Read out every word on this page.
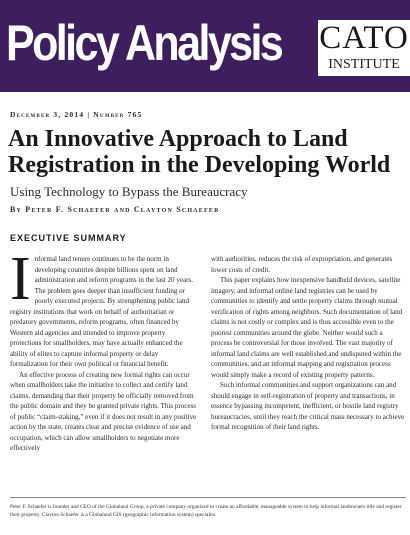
Policy Analysis CATO
INSTITUTE
December 3, 2014 | Number 765
An Innovative Approach to Land Registration in the Developing World
Using Technology to Bypass the Bureaucracy
By Peter F. Schaefer and Clayton Schaefer
EXECUTIVE SUMMARY

Informal land tenure continues to be the norm in developing countries despite billions spent on land administration and reform programs in the last 20 years. The problem goes deeper than insufficient funding or poorly executed projects. By strengthening public land registry institutions that work on behalf of authoritarian or predatory governments, reform programs, often financed by Western aid agencies and intended to improve property protections for smallholders, may have actually enhanced the ability of elites to capture informal property or delay formalization for their own political or financial benefit.

An effective process of creating new formal rights can occur when smallholders take the initiative to collect and certify land claims, demanding that their property be officially removed from the public domain and they be granted private rights. This process of public “claim-staking,” even if it does not result in any positive action by the state, creates clear and precise evidence of use and occupation, which can allow smallholders to negotiate more effectively

with authorities, reduces the risk of expropriation, and generates lower costs of credit.

This paper explains how inexpensive handheld devices, satellite imagery, and informal online land registries can be used by communities to identify and settle property claims through mutual verification of rights among neighbors. Such documentation of land claims is not costly or complex and is thus accessible even to the poorest communities around the globe. Neither would such a process be controversial for those involved. The vast majority of informal land claims are well established and undisputed within the communities, and an informal mapping and registration process would simply make a record of existing property patterns.

Such informal communities and support organizations can and should engage in self-registration of property and transactions, in essence bypassing incompetent, inefficient, or hostile land registry bureaucracies, until they reach the critical mass necessary to achieve formal recognition of their land rights.

Peter F. Schaefer is founder and CEO of the Globaland Group, a private company organized to create an affordable, manageable system to help informal landowners title and register their property. Clayton Schaefer is a Globaland GIS (geographic information system) specialist.
